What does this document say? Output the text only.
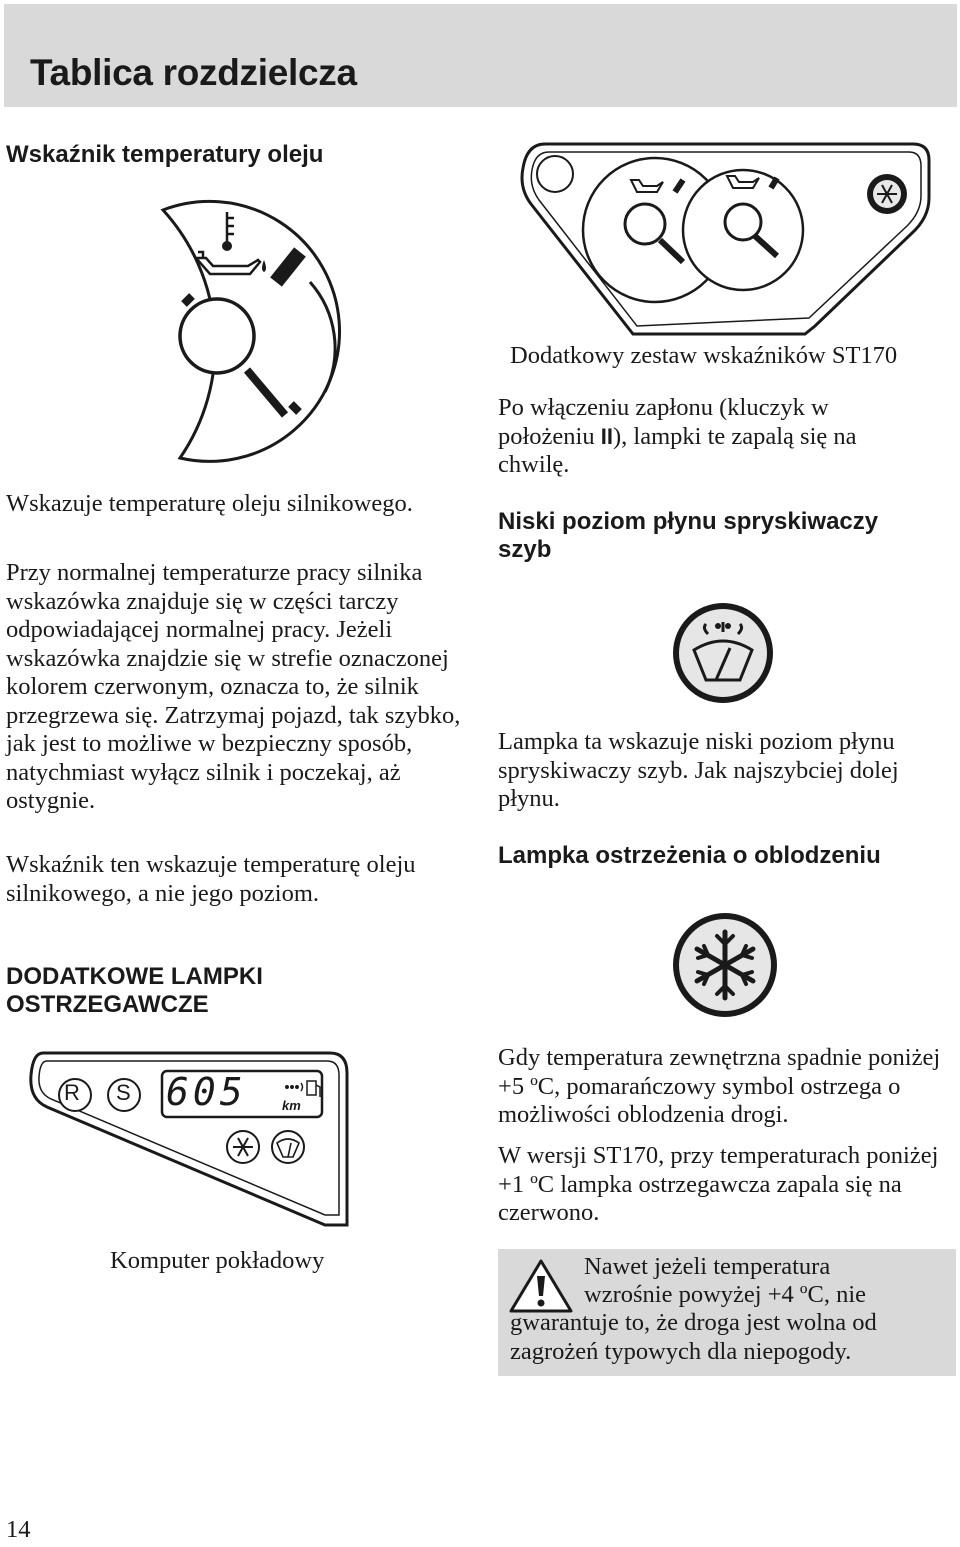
Tablica rozdzielcza
Wskaźnik temperatury oleju
Wskazuje temperaturę oleju silnikowego.
Przy normalnej temperaturze pracy silnika wskazówka znajduje się w części tarczy odpowiadającej normalnej pracy. Jeżeli wskazówka znajdzie się w strefie oznaczonej kolorem czerwonym, oznacza to, że silnik przegrzewa się. Zatrzymaj pojazd, tak szybko, jak jest to możliwe w bezpieczny sposób, natychmiast wyłącz silnik i poczekaj, aż ostygnie.
Wskaźnik ten wskazuje temperaturę oleju silnikowego, a nie jego poziom.
DODATKOWE LAMPKI
OSTRZEGAWCZE
R S 605	km
Komputer pokładowy
Dodatkowy zestaw wskaźników ST170
Po włączeniu zapłonu (kluczyk w położeniu II), lampki te zapalą się na chwilę.
Niski poziom płynu spryskiwaczy
szyb
Lampka ta wskazuje niski poziom płynu spryskiwaczy szyb. Jak najszybciej dolej płynu.
Lampka ostrzeżenia o oblodzeniu
Gdy temperatura zewnętrzna spadnie poniżej +5 ºC, pomarańczowy symbol ostrzega o możliwości oblodzenia drogi.
W wersji ST170, przy temperaturach poniżej +1 ºC lampka ostrzegawcza zapala się na czerwono.
Nawet jeżeli temperatura
wzrośnie powyżej +4 ºC, nie
gwarantuje to, że droga jest wolna od zagrożeń typowych dla niepogody.
14
